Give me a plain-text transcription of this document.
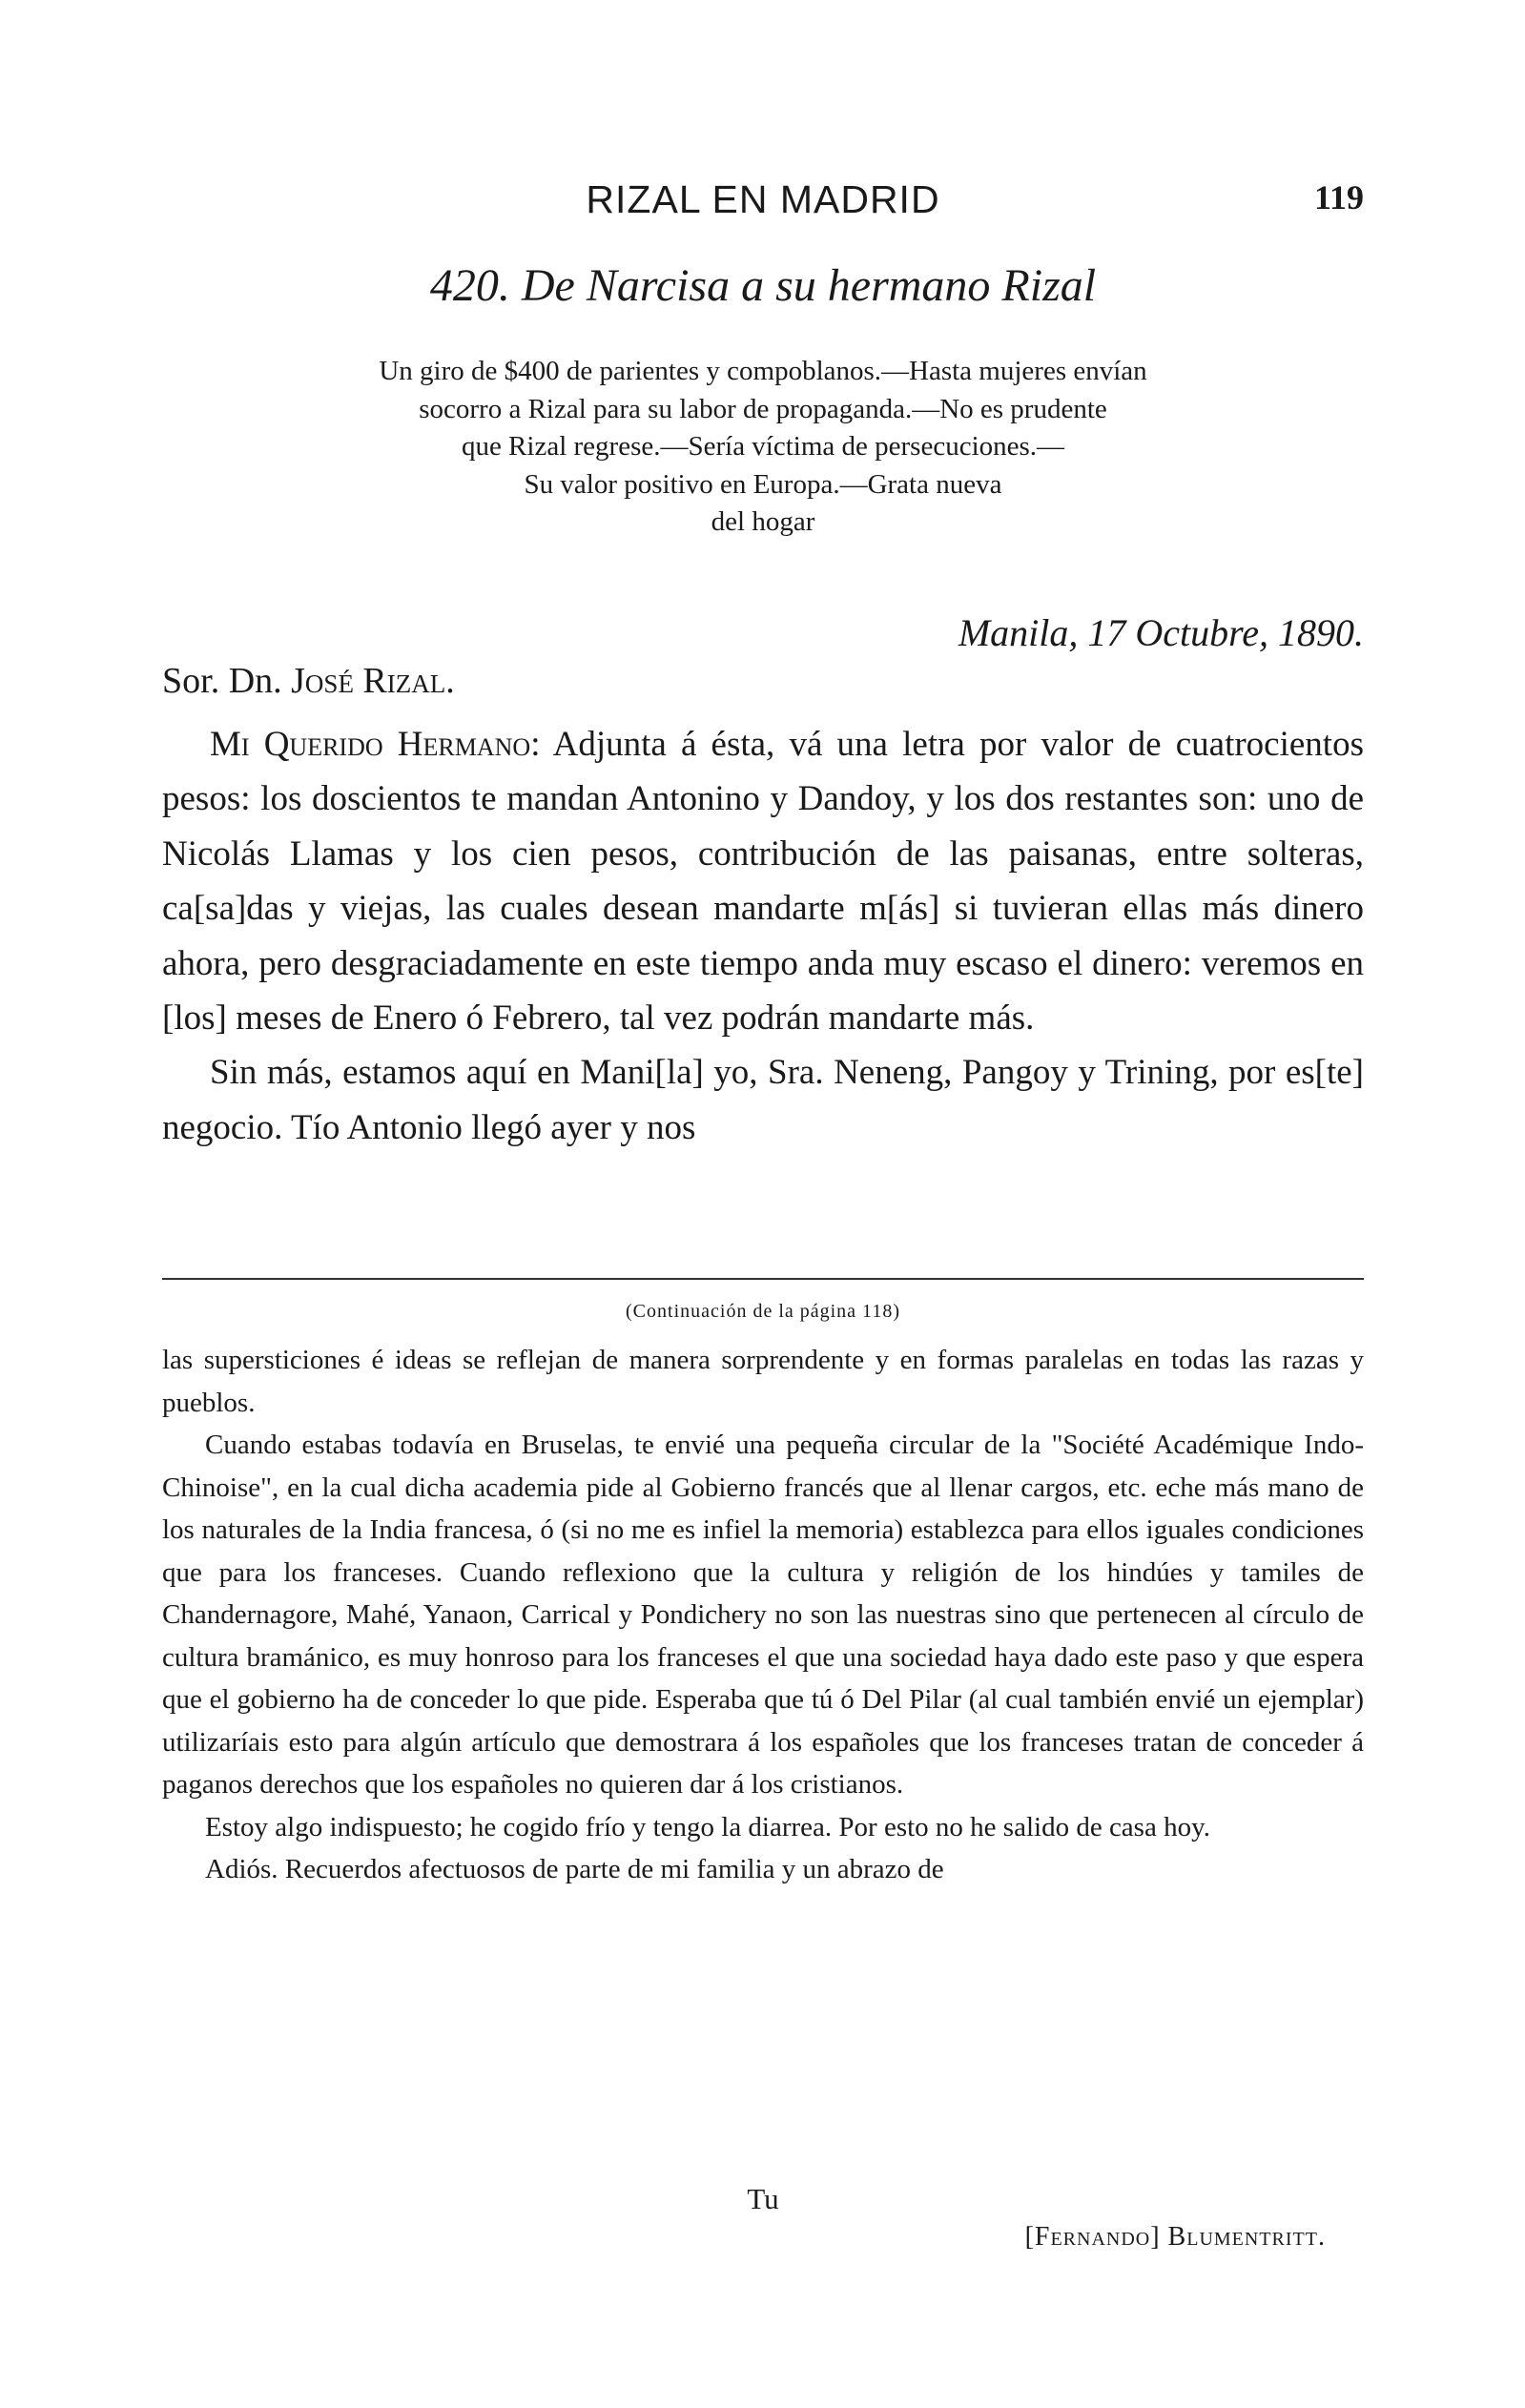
RIZAL EN MADRID	119
420. De Narcisa a su hermano Rizal
Un giro de $400 de parientes y compoblanos.—Hasta mujeres envían
socorro a Rizal para su labor de propaganda.—No es prudente
que Rizal regrese.—Sería víctima de persecuciones.—
Su valor positivo en Europa.—Grata nueva
del hogar
Manila, 17 Octubre, 1890.
Sor. Dn. José Rizal.

Mi Querido Hermano: Adjunta á ésta, vá una letra por valor de cuatrocientos pesos: los doscientos te mandan Antonino y Dandoy, y los dos restantes son: uno de Nicolás Llamas y los cien pesos, contribución de las paisanas, entre solteras, ca[sa]das y viejas, las cuales desean mandarte m[ás] si tuvieran ellas más dinero ahora, pero desgraciadamente en este tiempo anda muy escaso el dinero: veremos en [los] meses de Enero ó Febrero, tal vez podrán mandarte más.

Sin más, estamos aquí en Mani[la] yo, Sra. Neneng, Pangoy y Trining, por es[te] negocio. Tío Antonio llegó ayer y nos

(Continuación de la página 118)

las supersticiones é ideas se reflejan de manera sorprendente y en formas paralelas en todas las razas y pueblos.

Cuando estabas todavía en Bruselas, te envié una pequeña circular de la "Société Académique Indo-Chinoise", en la cual dicha academia pide al Gobierno francés que al llenar cargos, etc. eche más mano de los naturales de la India francesa, ó (si no me es infiel la memoria) establezca para ellos iguales condiciones que para los franceses. Cuando reflexiono que la cultura y religión de los hindúes y tamiles de Chandernagore, Mahé, Yanaon, Carrical y Pondichery no son las nuestras sino que pertenecen al círculo de cultura bramánico, es muy honroso para los franceses el que una sociedad haya dado este paso y que espera que el gobierno ha de conceder lo que pide. Esperaba que tú ó Del Pilar (al cual también envié un ejemplar) utilizaríais esto para algún artículo que demostrara á los españoles que los franceses tratan de conceder á paganos derechos que los españoles no quieren dar á los cristianos.

Estoy algo indispuesto; he cogido frío y tengo la diarrea. Por esto no he salido de casa hoy.

Adiós. Recuerdos afectuosos de parte de mi familia y un abrazo de

Tu
[Fernando] Blumentritt.
